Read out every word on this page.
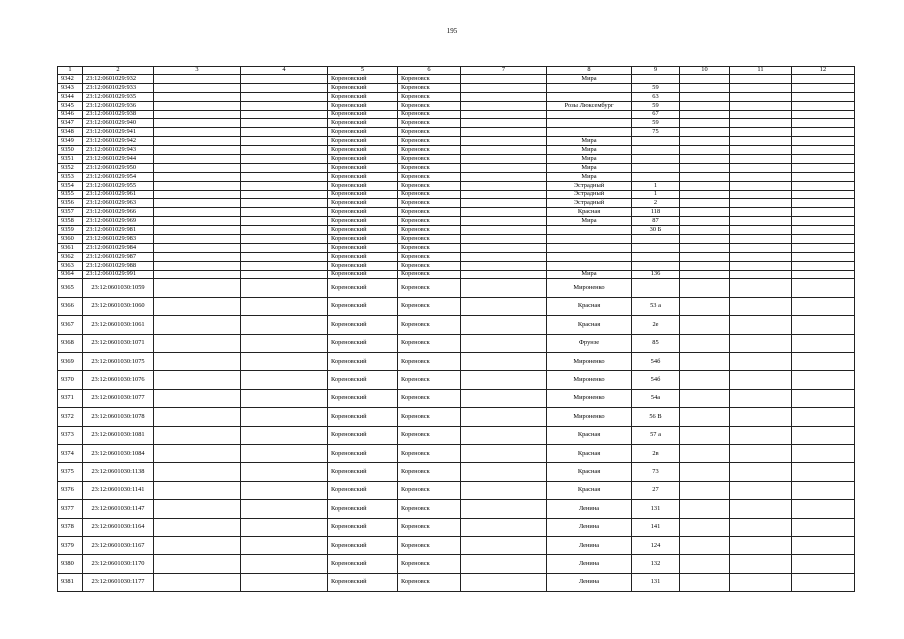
195
1	2	3	4	5	6	7	8	9	10	11	12
9342	23:12:0601029:932			Кореновский	Кореновск		Мира				
9343	23:12:0601029:933			Кореновский	Кореновск			59			
9344	23:12:0601029:935			Кореновский	Кореновск			63			
9345	23:12:0601029:936			Кореновский	Кореновск		Розы Люксембург	59			
9346	23:12:0601029:938			Кореновский	Кореновск			67			
9347	23:12:0601029:940			Кореновский	Кореновск			59			
9348	23:12:0601029:941			Кореновский	Кореновск			75			
9349	23:12:0601029:942			Кореновский	Кореновск		Мира				
9350	23:12:0601029:943			Кореновский	Кореновск		Мира				
9351	23:12:0601029:944			Кореновский	Кореновск		Мира				
9352	23:12:0601029:950			Кореновский	Кореновск		Мира				
9353	23:12:0601029:954			Кореновский	Кореновск		Мира				
9354	23:12:0601029:955			Кореновский	Кореновск		Эстрадный	1			
9355	23:12:0601029:961			Кореновский	Кореновск		Эстрадный	1			
9356	23:12:0601029:963			Кореновский	Кореновск		Эстрадный	2			
9357	23:12:0601029:966			Кореновский	Кореновск		Красная	118			
9358	23:12:0601029:969			Кореновский	Кореновск		Мира	87			
9359	23:12:0601029:981			Кореновский	Кореновск			30 Б			
9360	23:12:0601029:983			Кореновский	Кореновск						
9361	23:12:0601029:984			Кореновский	Кореновск						
9362	23:12:0601029:987			Кореновский	Кореновск						
9363	23:12:0601029:988			Кореновский	Кореновск						
9364	23:12:0601029:991			Кореновский	Кореновск		Мира	136			
9365	23:12:0601030:1059			Кореновский	Кореновск		Мироненко				
9366	23:12:0601030:1060			Кореновский	Кореновск		Красная	53 а			
9367	23:12:0601030:1061			Кореновский	Кореновск		Красная	2е			
9368	23:12:0601030:1071			Кореновский	Кореновск		Фрунзе	85			
9369	23:12:0601030:1075			Кореновский	Кореновск		Мироненко	54б			
9370	23:12:0601030:1076			Кореновский	Кореновск		Мироненко	54б			
9371	23:12:0601030:1077			Кореновский	Кореновск		Мироненко	54а			
9372	23:12:0601030:1078			Кореновский	Кореновск		Мироненко	56 В			
9373	23:12:0601030:1081			Кореновский	Кореновск		Красная	57 а			
9374	23:12:0601030:1084			Кореновский	Кореновск		Красная	2в			
9375	23:12:0601030:1138			Кореновский	Кореновск		Красная	73			
9376	23:12:0601030:1141			Кореновский	Кореновск		Красная	27			
9377	23:12:0601030:1147			Кореновский	Кореновск		Ленина	131			
9378	23:12:0601030:1164			Кореновский	Кореновск		Ленина	141			
9379	23:12:0601030:1167			Кореновский	Кореновск		Ленина	124			
9380	23:12:0601030:1170			Кореновский	Кореновск		Ленина	132			
9381	23:12:0601030:1177			Кореновский	Кореновск		Ленина	131			
